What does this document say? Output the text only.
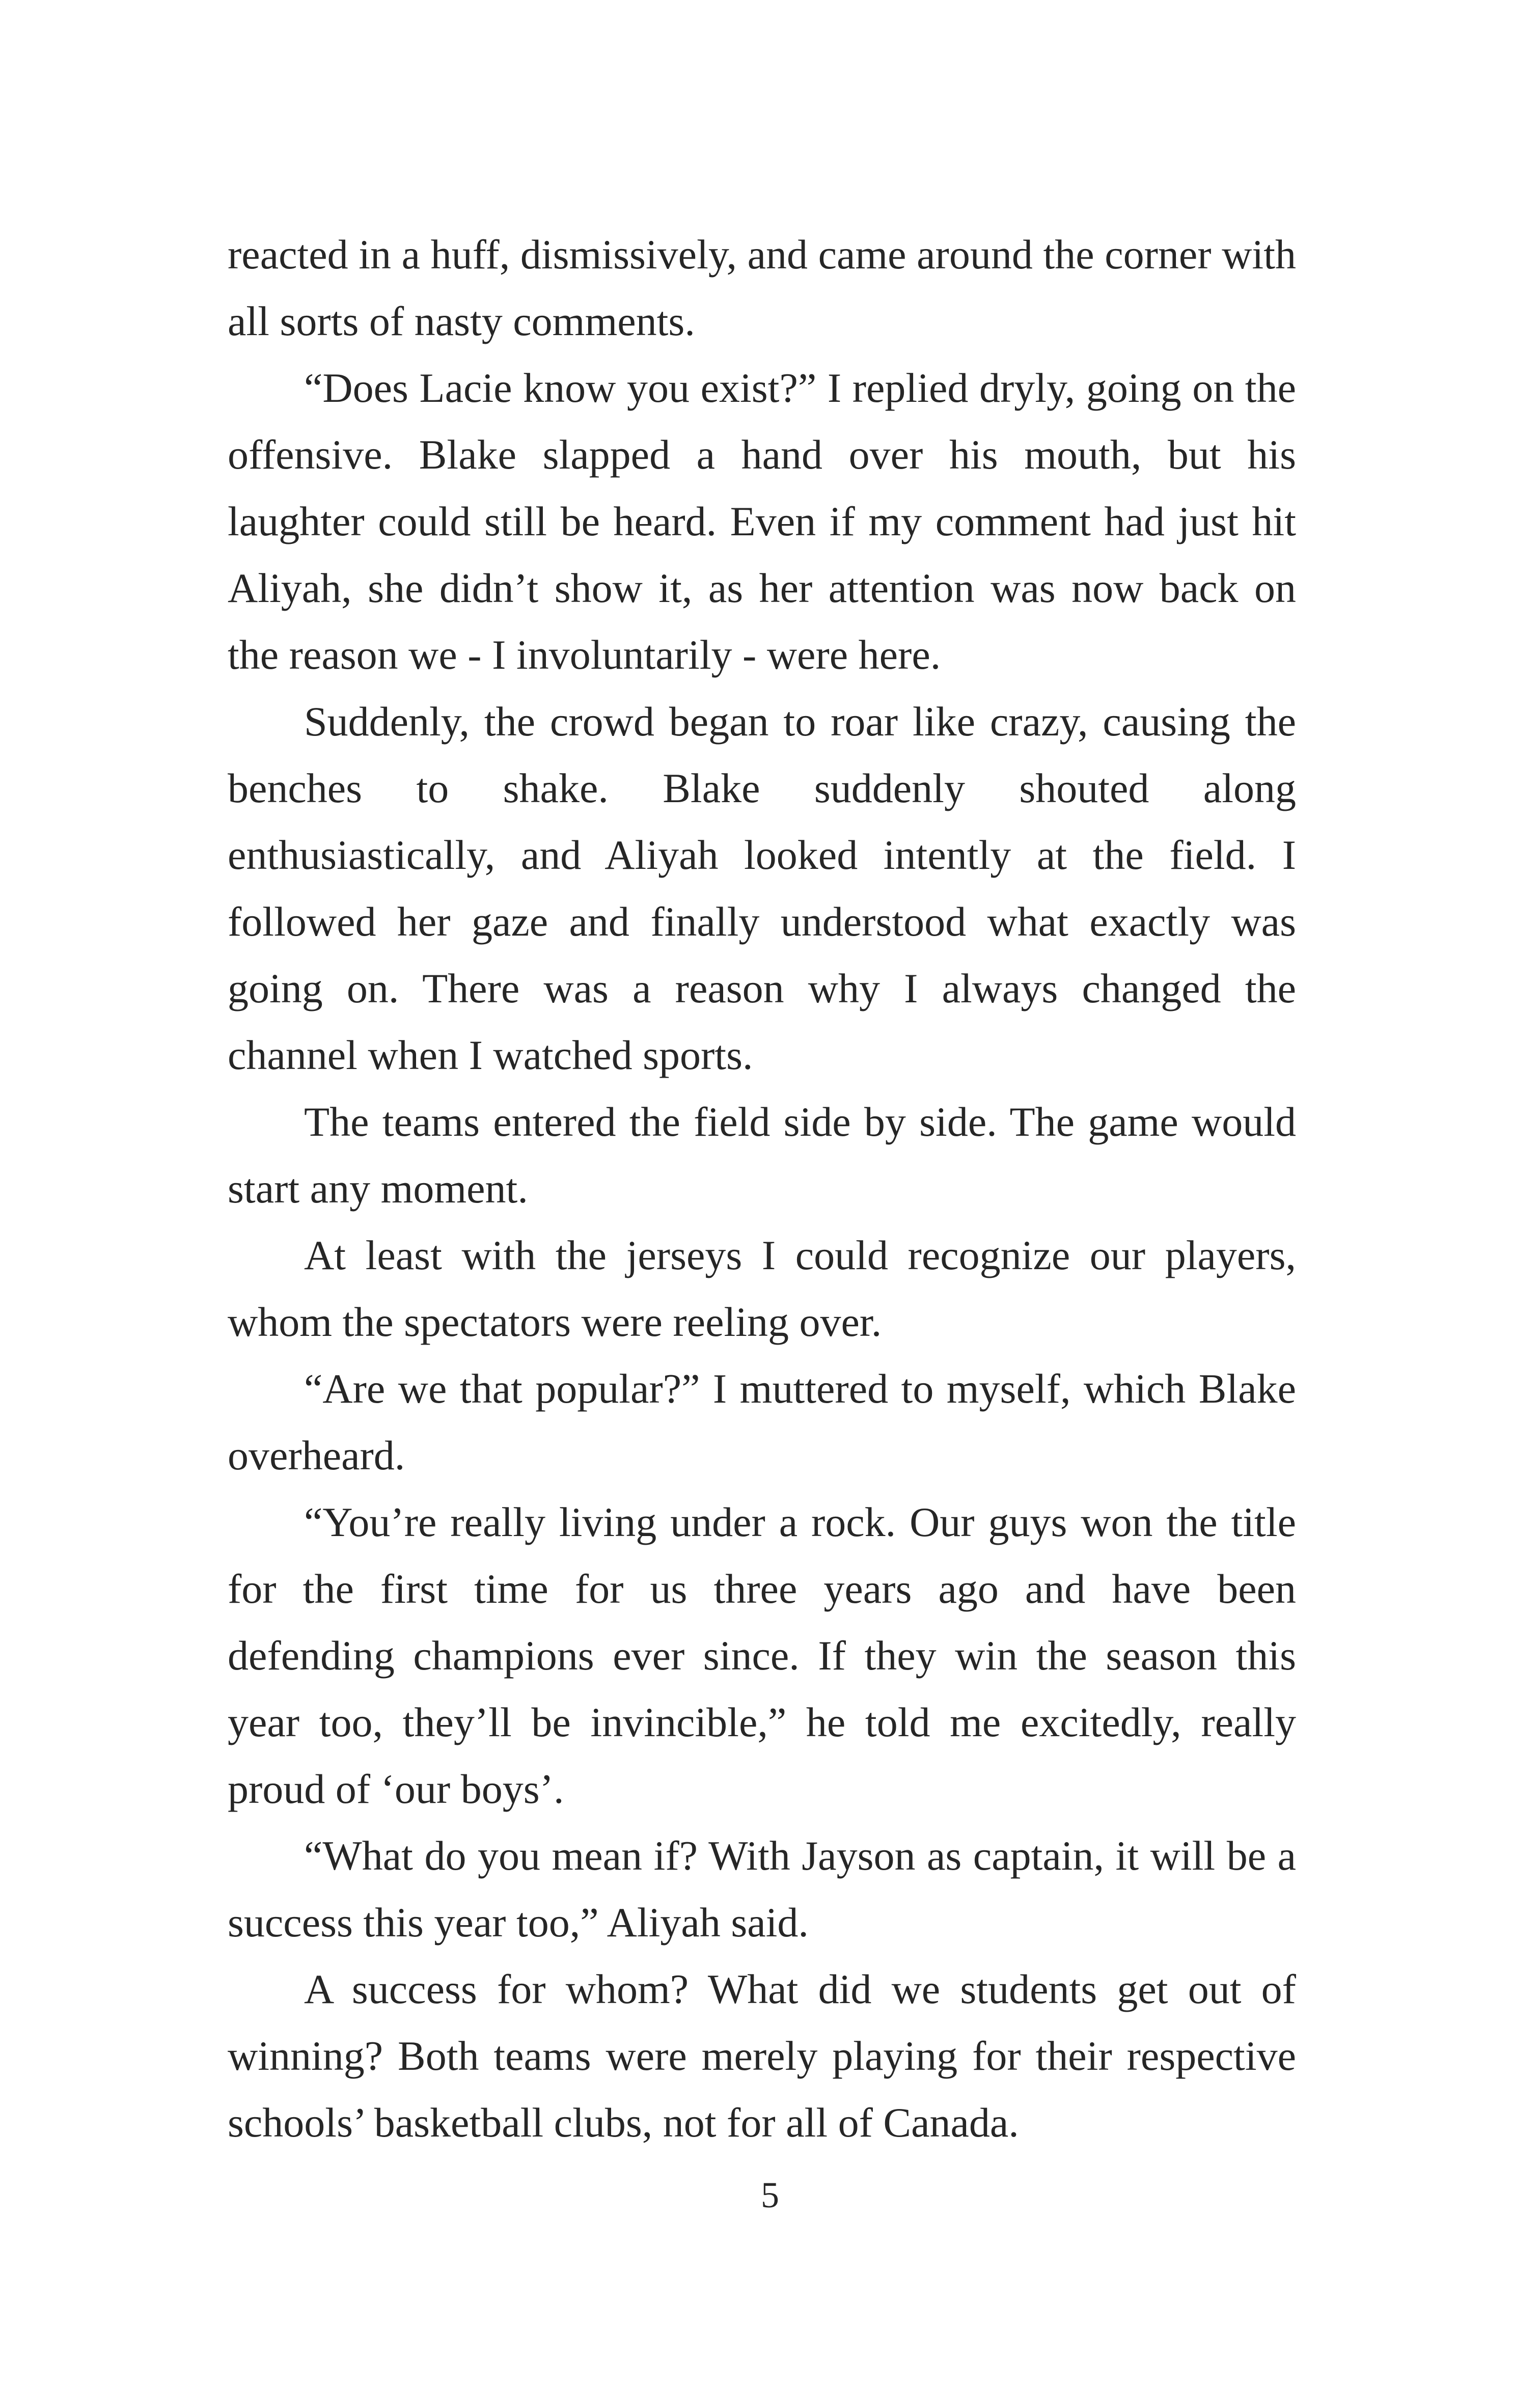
reacted in a huff, dismissively, and came around the corner with all sorts of nasty comments.

“Does Lacie know you exist?” I replied dryly, going on the offensive. Blake slapped a hand over his mouth, but his laughter could still be heard. Even if my comment had just hit Aliyah, she didn’t show it, as her attention was now back on the reason we - I involuntarily - were here.

Suddenly, the crowd began to roar like crazy, causing the benches to shake. Blake suddenly shouted along enthusiastically, and Aliyah looked intently at the field. I followed her gaze and finally understood what exactly was going on. There was a reason why I always changed the channel when I watched sports.

The teams entered the field side by side. The game would start any moment.

At least with the jerseys I could recognize our players, whom the spectators were reeling over.

“Are we that popular?” I muttered to myself, which Blake overheard.

“You’re really living under a rock. Our guys won the title for the first time for us three years ago and have been defending champions ever since. If they win the season this year too, they’ll be invincible,” he told me excitedly, really proud of ‘our boys’.

“What do you mean if? With Jayson as captain, it will be a success this year too,” Aliyah said.

A success for whom? What did we students get out of winning? Both teams were merely playing for their respective schools’ basketball clubs, not for all of Canada.

5
